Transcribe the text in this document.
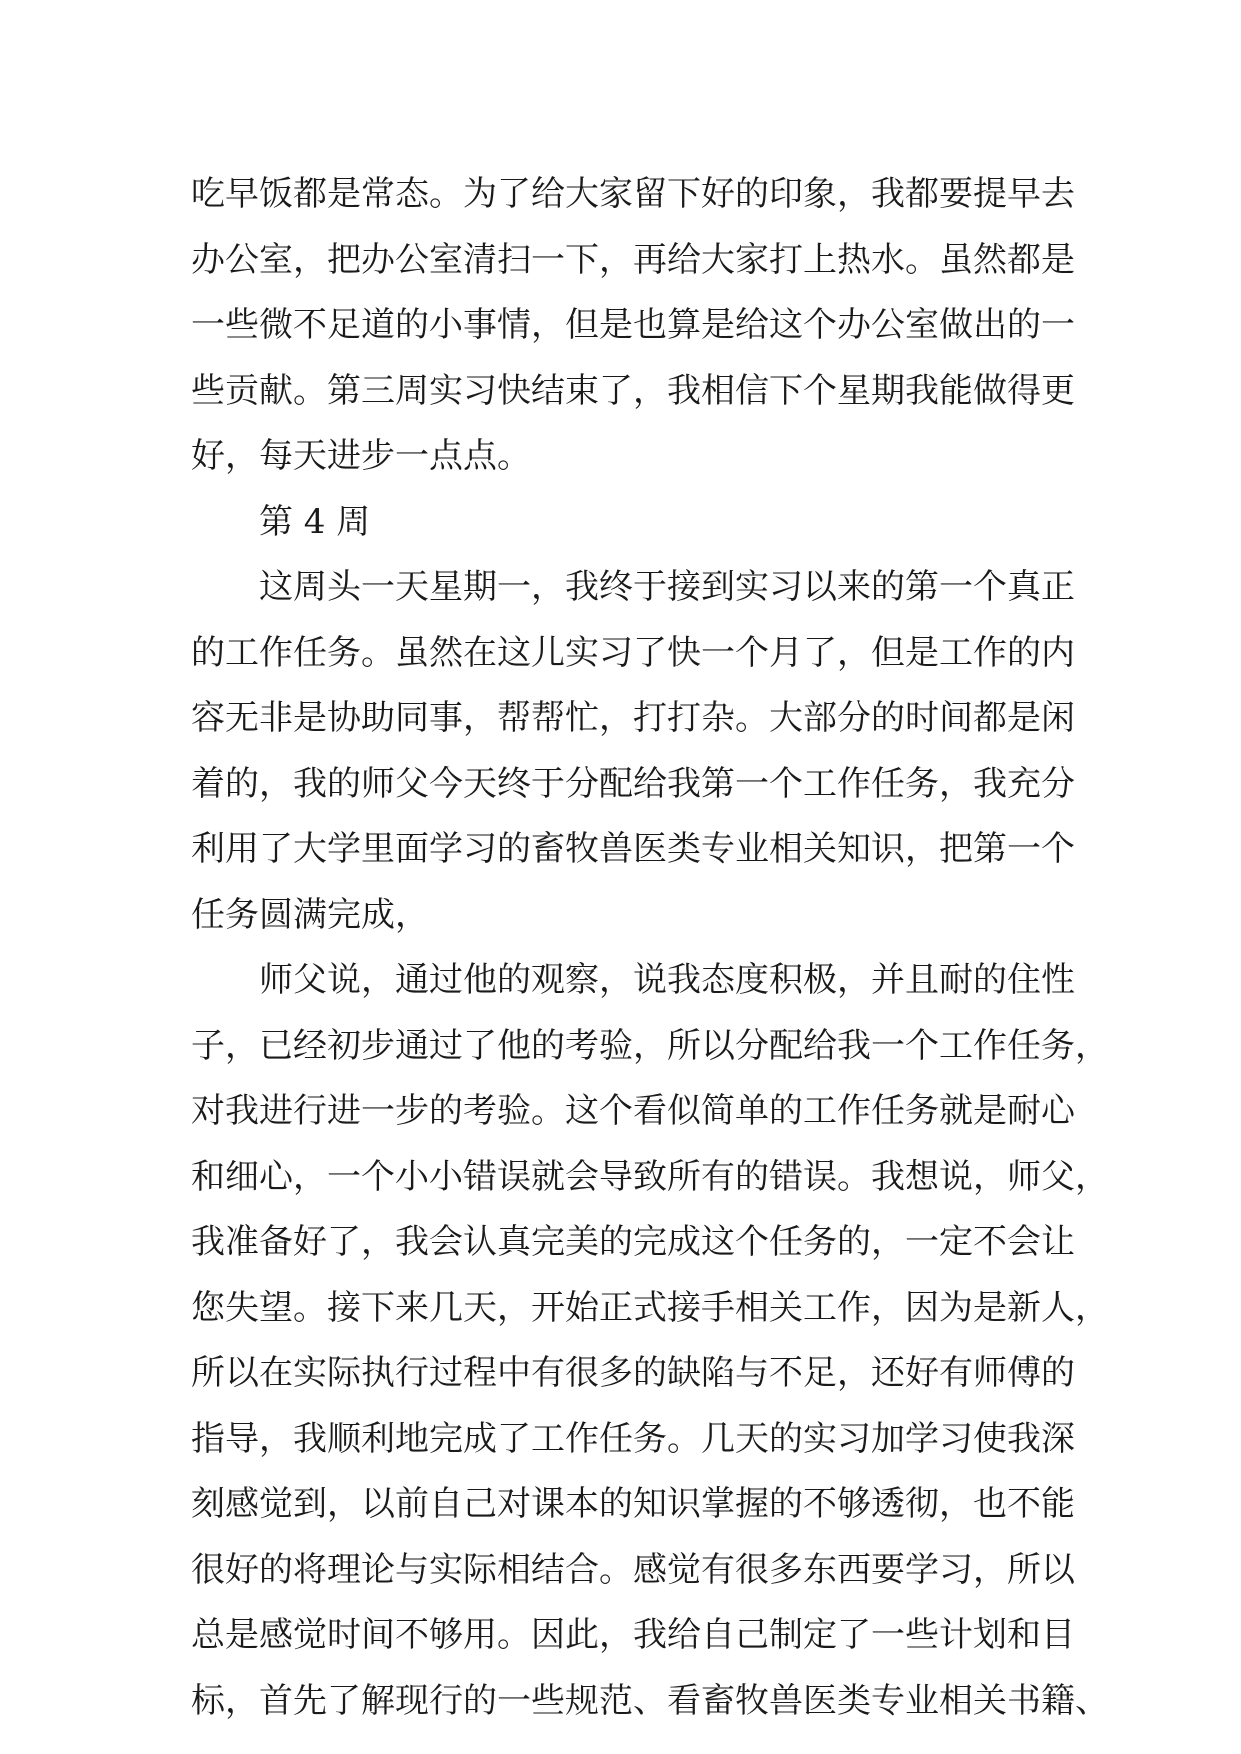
吃早饭都是常态。为了给大家留下好的印象，我都要提早去
办公室，把办公室清扫一下，再给大家打上热水。虽然都是
一些微不足道的小事情，但是也算是给这个办公室做出的一
些贡献。第三周实习快结束了，我相信下个星期我能做得更
好，每天进步一点点。
第 4 周
这周头一天星期一，我终于接到实习以来的第一个真正
的工作任务。虽然在这儿实习了快一个月了，但是工作的内
容无非是协助同事，帮帮忙，打打杂。大部分的时间都是闲
着的，我的师父今天终于分配给我第一个工作任务，我充分
利用了大学里面学习的畜牧兽医类专业相关知识，把第一个
任务圆满完成，
师父说，通过他的观察，说我态度积极，并且耐的住性
子，已经初步通过了他的考验，所以分配给我一个工作任务，
对我进行进一步的考验。这个看似简单的工作任务就是耐心
和细心，一个小小错误就会导致所有的错误。我想说，师父，
我准备好了，我会认真完美的完成这个任务的，一定不会让
您失望。接下来几天，开始正式接手相关工作，因为是新人，
所以在实际执行过程中有很多的缺陷与不足，还好有师傅的
指导，我顺利地完成了工作任务。几天的实习加学习使我深
刻感觉到，以前自己对课本的知识掌握的不够透彻，也不能
很好的将理论与实际相结合。感觉有很多东西要学习，所以
总是感觉时间不够用。因此，我给自己制定了一些计划和目
标，首先了解现行的一些规范、看畜牧兽医类专业相关书籍、
